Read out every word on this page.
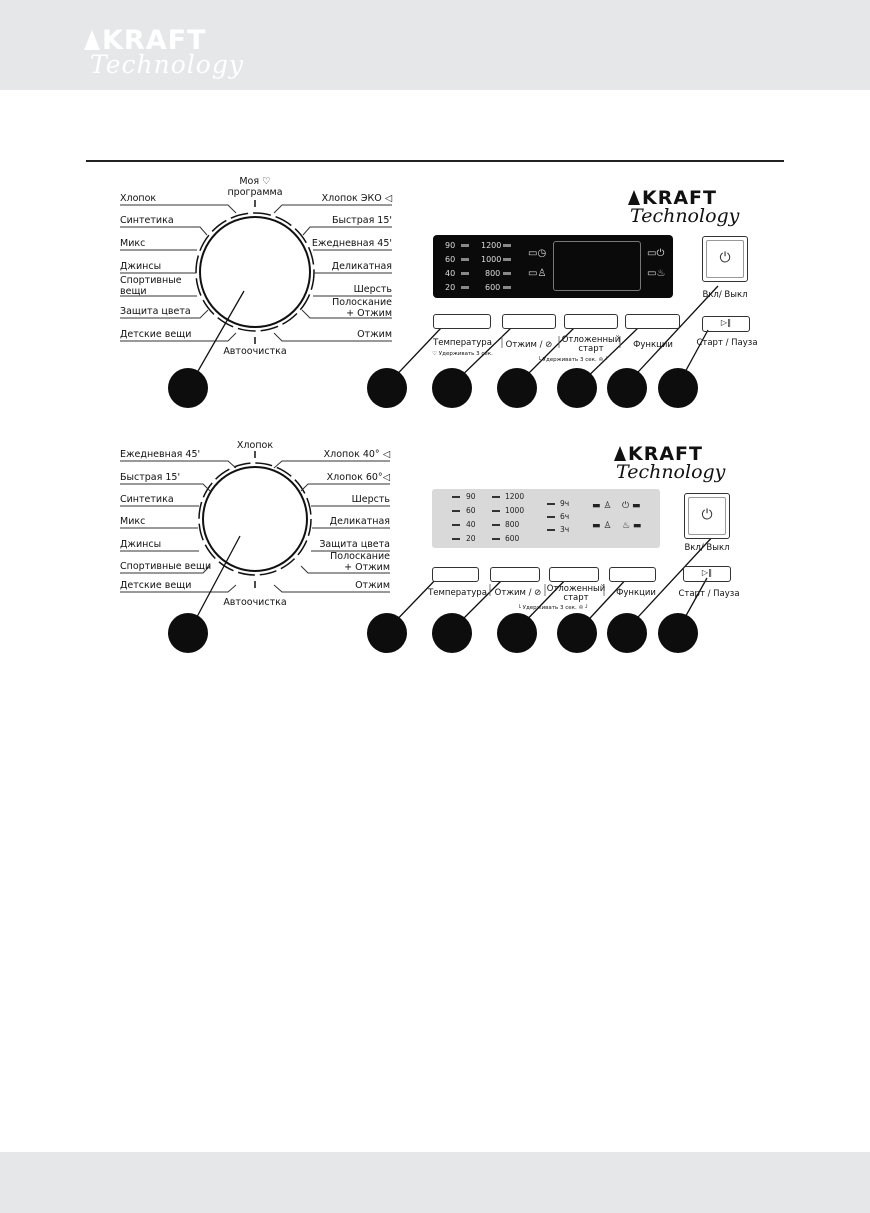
KRAFT
Technology
Моя ♡
программа
Автоочистка
Хлопок
Синтетика
Микс
Джинсы
Спортивные
вещи
Защита цвета
Детские вещи
Хлопок ЭКО ◁
Быстрая 15'
Ежедневная 45'
Деликатная
Шерсть
Полоскание
+ Отжим
Отжим
KRAFT
Technology
90
60
40
20
1200
1000
800
600
▭◷
▭♙
▭⏻
▭♨
Температура
♡ Удерживать 3 сек.
Отжим / ⊘	Отложенный
старт
└ Удерживать 3 сек. ♔ ┘
Функции
⏻
Вкл/ Выкл
▷‖
Старт / Пауза
Хлопок
Автоочистка
Ежедневная 45'
Быстрая 15'
Синтетика
Микс
Джинсы
Спортивные вещи
Детские вещи
Хлопок 40° ◁
Хлопок 60°◁
Шерсть
Деликатная
Защита цвета
Полоскание
+ Отжим
Отжим
KRAFT
Technology
90
60
40
20
1200
1000
800
600
9ч
6ч
3ч
▬ ♙
▬ ♙
⏻ ▬
♨ ▬
Температура Отжим / ⊘ Отложенный
старт
└ Удерживать 3 сек. ♔ ┘
Функции
⏻
Вкл/ Выкл
▷‖
Старт / Пауза
